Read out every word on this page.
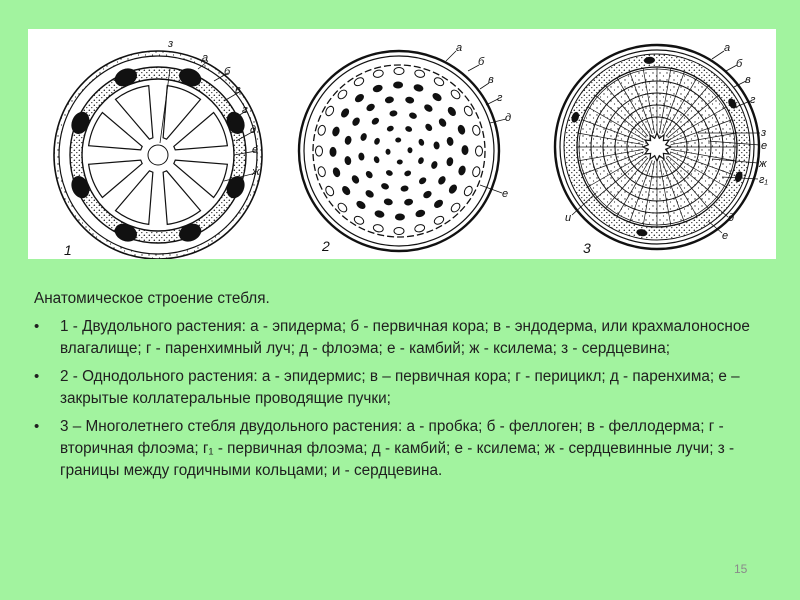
1	2	3
з
а
б
в
г
д
е
ж
а
б
в
г
д
е
а
б
в
г
з
е
ж
г₁
и	д
е

Анатомическое строение стебля.

• 1 - Двудольного растения: а - эпидерма; б - первичная кора; в - эндодерма, или крахмалоносное влагалище; г - паренхимный луч; д - флоэма; е - камбий; ж - ксилема; з - сердцевина;
• 2 - Однодольного растения: а - эпидермис; в – первичная кора; г - перицикл; д - паренхима; е – закрытые коллатеральные проводящие пучки;
• 3 – Многолетнего стебля двудольного растения: а - пробка; б - феллоген; в - феллодерма; г - вторичная флоэма; г₁ - первичная флоэма; д - камбий; е - ксилема; ж - сердцевинные лучи; з - границы между годичными кольцами; и - сердцевина.
15
